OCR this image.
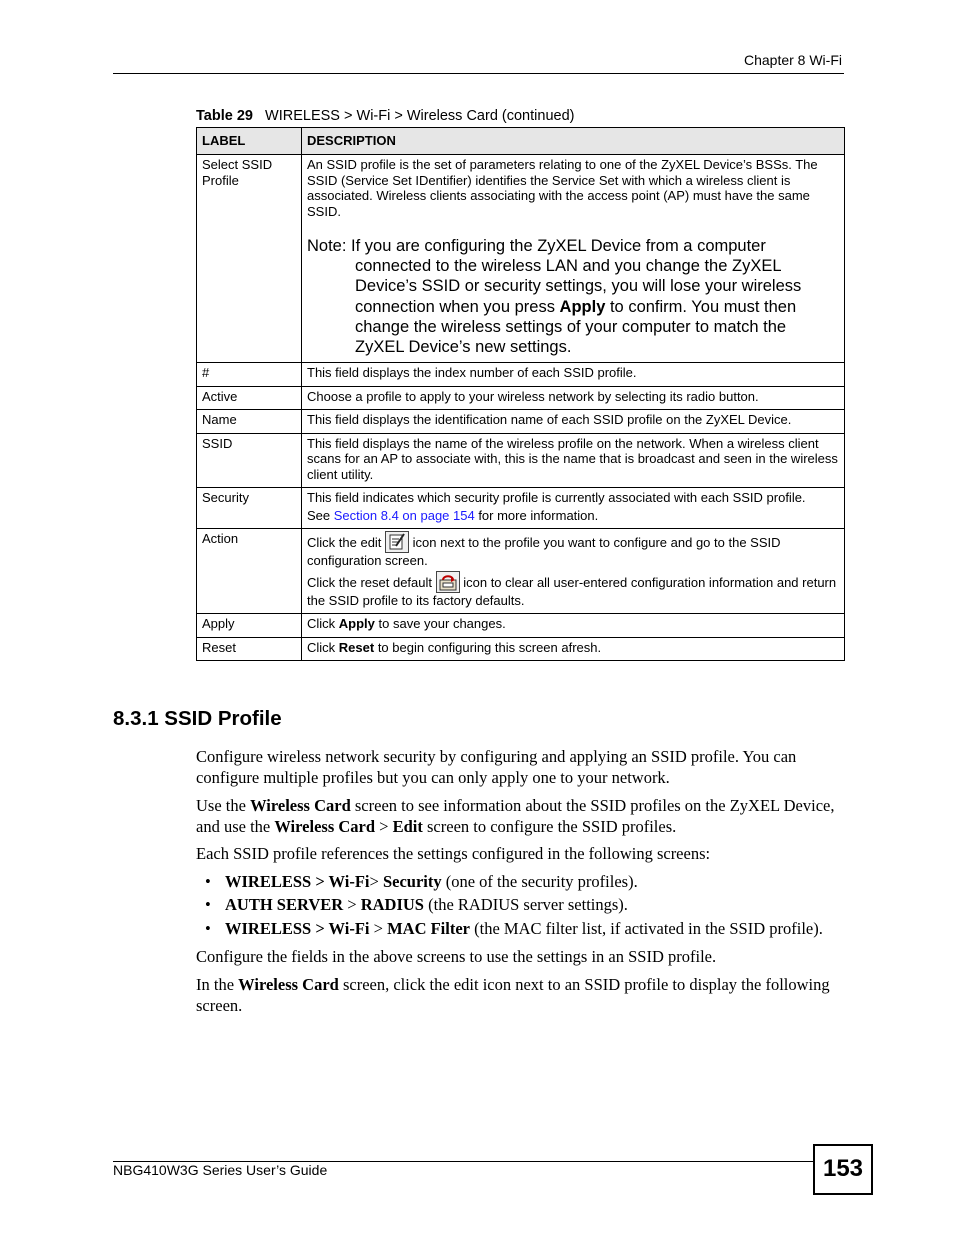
Chapter 8 Wi-Fi
Table 29 WIRELESS > Wi-Fi > Wireless Card (continued)
LABEL	DESCRIPTION
Select SSID Profile	An SSID profile is the set of parameters relating to one of the ZyXEL Device’s BSSs. The SSID (Service Set IDentifier) identifies the Service Set with which a wireless client is associated. Wireless clients associating with the access point (AP) must have the same SSID.
Note: If you are configuring the ZyXEL Device from a computer connected to the wireless LAN and you change the ZyXEL Device’s SSID or security settings, you will lose your wireless connection when you press Apply to confirm. You must then change the wireless settings of your computer to match the ZyXEL Device’s new settings.

#	This field displays the index number of each SSID profile.
Active	Choose a profile to apply to your wireless network by selecting its radio button.
Name	This field displays the identification name of each SSID profile on the ZyXEL Device.
SSID	This field displays the name of the wireless profile on the network. When a wireless client scans for an AP to associate with, this is the name that is broadcast and seen in the wireless client utility.
Security	This field indicates which security profile is currently associated with each SSID profile.
See Section 8.4 on page 154 for more information.

Action	Click the edit
icon next to the profile you want to configure and go to the SSID configuration screen.
Click the reset default
icon to clear all user-entered configuration information and return the SSID profile to its factory defaults.

Apply	Click Apply to save your changes.
Reset	Click Reset to begin configuring this screen afresh.
8.3.1 SSID Profile
Configure wireless network security by configuring and applying an SSID profile. You can configure multiple profiles but you can only apply one to your network.
Use the Wireless Card screen to see information about the SSID profiles on the ZyXEL Device, and use the Wireless Card > Edit screen to configure the SSID profiles.
Each SSID profile references the settings configured in the following screens:
• WIRELESS > Wi-Fi> Security (one of the security profiles).
• AUTH SERVER > RADIUS (the RADIUS server settings).
• WIRELESS > Wi-Fi > MAC Filter (the MAC filter list, if activated in the SSID profile).
Configure the fields in the above screens to use the settings in an SSID profile.
In the Wireless Card screen, click the edit icon next to an SSID profile to display the following screen.
NBG410W3G Series User’s Guide	153
